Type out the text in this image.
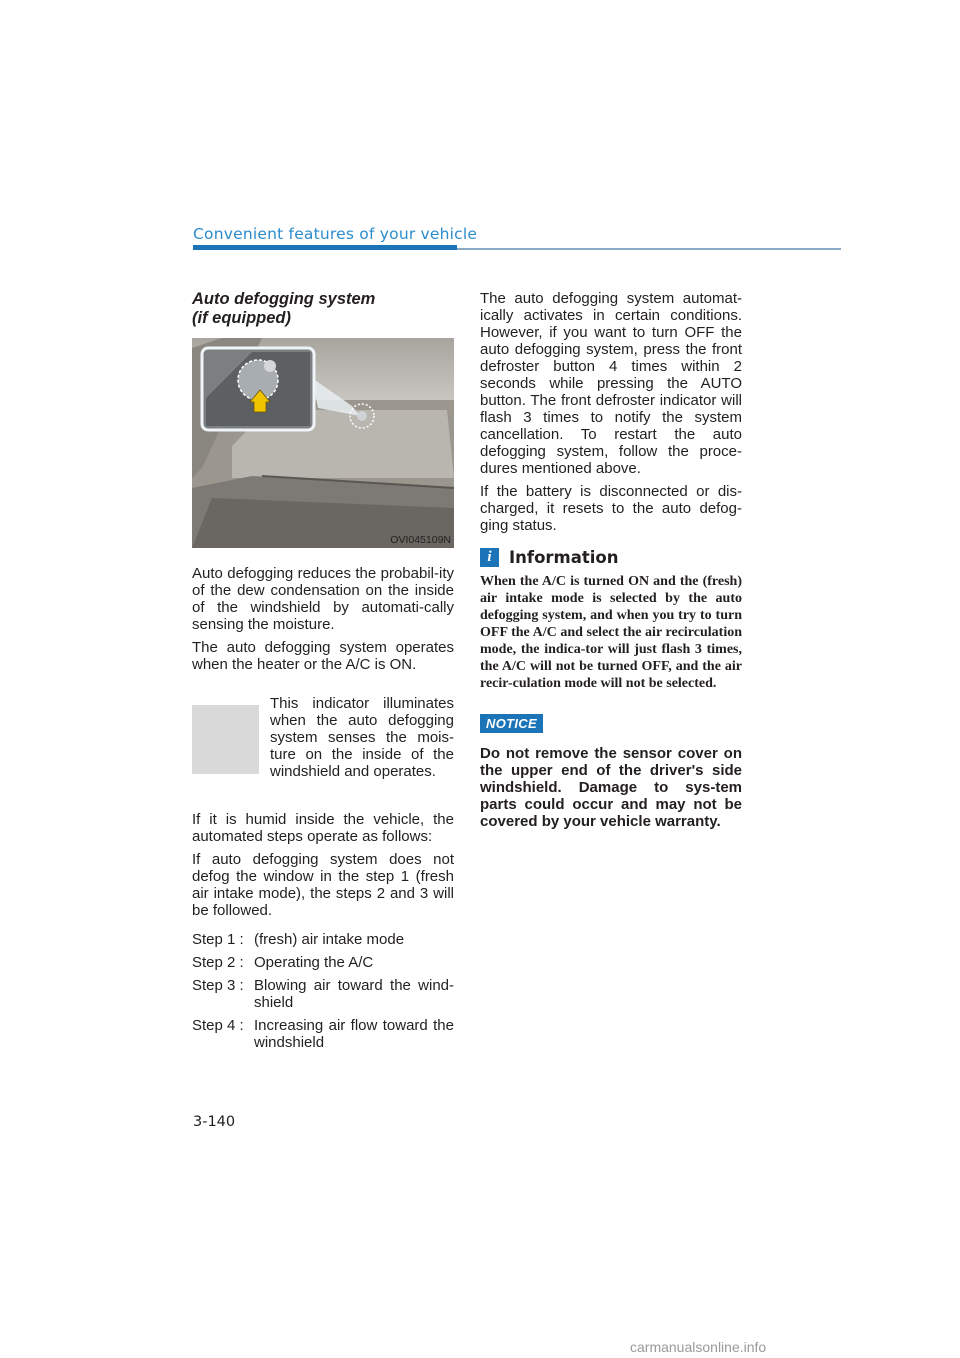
Convenient features of your vehicle
Auto defogging system
(if equipped)
OVI045109N

Auto defogging reduces the probabil-ity of the dew condensation on the inside of the windshield by automati-cally sensing the moisture.

The auto defogging system operates when the heater or the A/C is ON.

This indicator illuminates when the auto defogging system senses the mois-ture on the inside of the windshield and operates.

If it is humid inside the vehicle, the automated steps operate as follows:

If auto defogging system does not defog the window in the step 1 (fresh air intake mode), the steps 2 and 3 will be followed.

Step 1 : (fresh) air intake mode
Step 2 : Operating the A/C
Step 3 : Blowing air toward the wind-shield
Step 4 : Increasing air flow toward the windshield

The auto defogging system automat-ically activates in certain conditions. However, if you want to turn OFF the auto defogging system, press the front defroster button 4 times within 2 seconds while pressing the AUTO button. The front defroster indicator will flash 3 times to notify the system cancellation. To restart the auto defogging system, follow the proce-dures mentioned above.

If the battery is disconnected or dis-charged, it resets to the auto defog-ging status.

i	Information

When the A/C is turned ON and the (fresh) air intake mode is selected by the auto defogging system, and when you try to turn OFF the A/C and select the air recirculation mode, the indica-tor will just flash 3 times, the A/C will not be turned OFF, and the air recir-culation mode will not be selected.

NOTICE

Do not remove the sensor cover on the upper end of the driver's side windshield. Damage to sys-tem parts could occur and may not be covered by your vehicle warranty.

3-140
carmanualsonline.info
